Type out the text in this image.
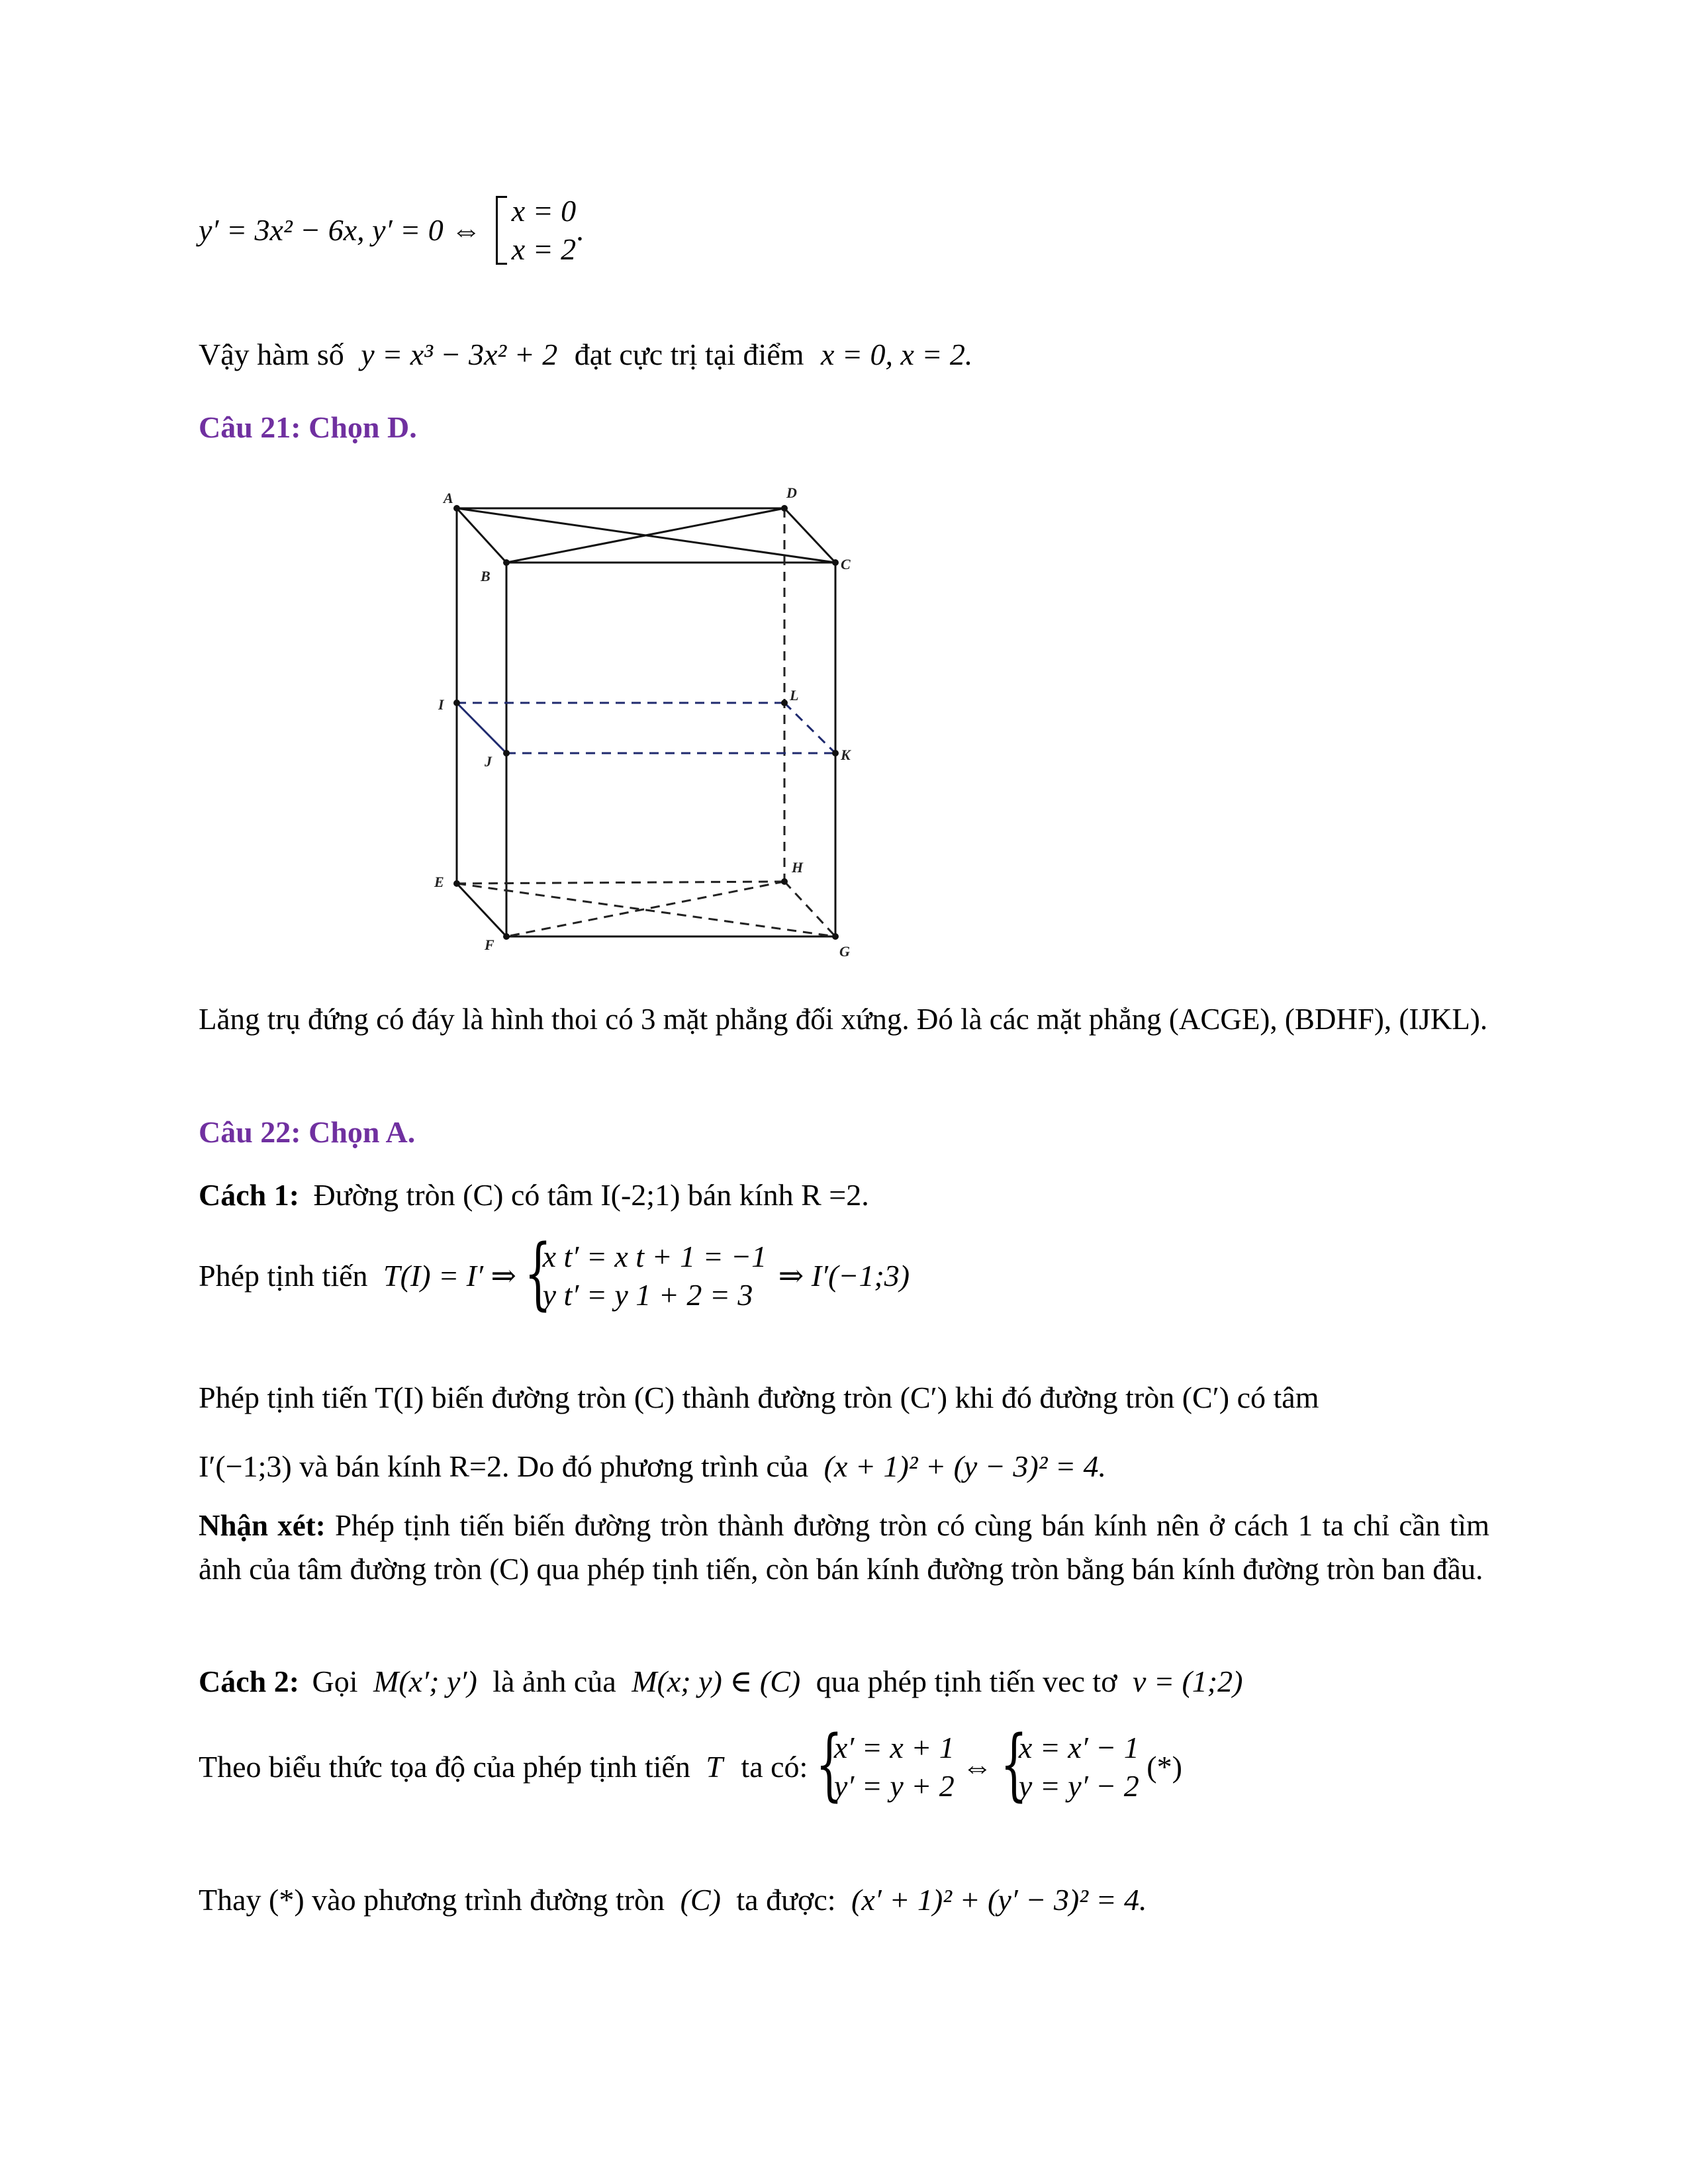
y′ = 3x² − 6x, y′ = 0 ⇔
x = 0
x = 2
.
Vậy hàm số y = x³ − 3x² + 2 đạt cực trị tại điểm x = 0, x = 2.
Câu 21: Chọn D.
A	D
B
C
I
L
J	K
E
H
F	G
Lăng trụ đứng có đáy là hình thoi có 3 mặt phẳng đối xứng. Đó là các mặt phẳng (ACGE), (BDHF), (IJKL).
Câu 22: Chọn A.
Cách 1: Đường tròn (C) có tâm I(-2;1) bán kính R =2.
Phép tịnh tiến T(I) = I′ ⇒ {
x t′ = x t + 1 = −1
y t′ = y 1 + 2 = 3
⇒ I′(−1;3)
Phép tịnh tiến T(I) biến đường tròn (C) thành đường tròn (C′) khi đó đường tròn (C′) có tâm
I′(−1;3) và bán kính R=2. Do đó phương trình của (x + 1)² + (y − 3)² = 4.
Nhận xét: Phép tịnh tiến biến đường tròn thành đường tròn có cùng bán kính nên ở cách 1 ta chỉ cần tìm ảnh của tâm đường tròn (C) qua phép tịnh tiến, còn bán kính đường tròn bằng bán kính đường tròn ban đầu.
Cách 2: Gọi M(x′; y′) là ảnh của M(x; y) ∈ (C) qua phép tịnh tiến vec tơ v = (1;2)
Theo biểu thức tọa độ của phép tịnh tiến T ta có: {
x′ = x + 1
y′ = y + 2
⇔ {
x = x′ − 1
y = y′ − 2
(*)
Thay (*) vào phương trình đường tròn (C) ta được: (x′ + 1)² + (y′ − 3)² = 4.
